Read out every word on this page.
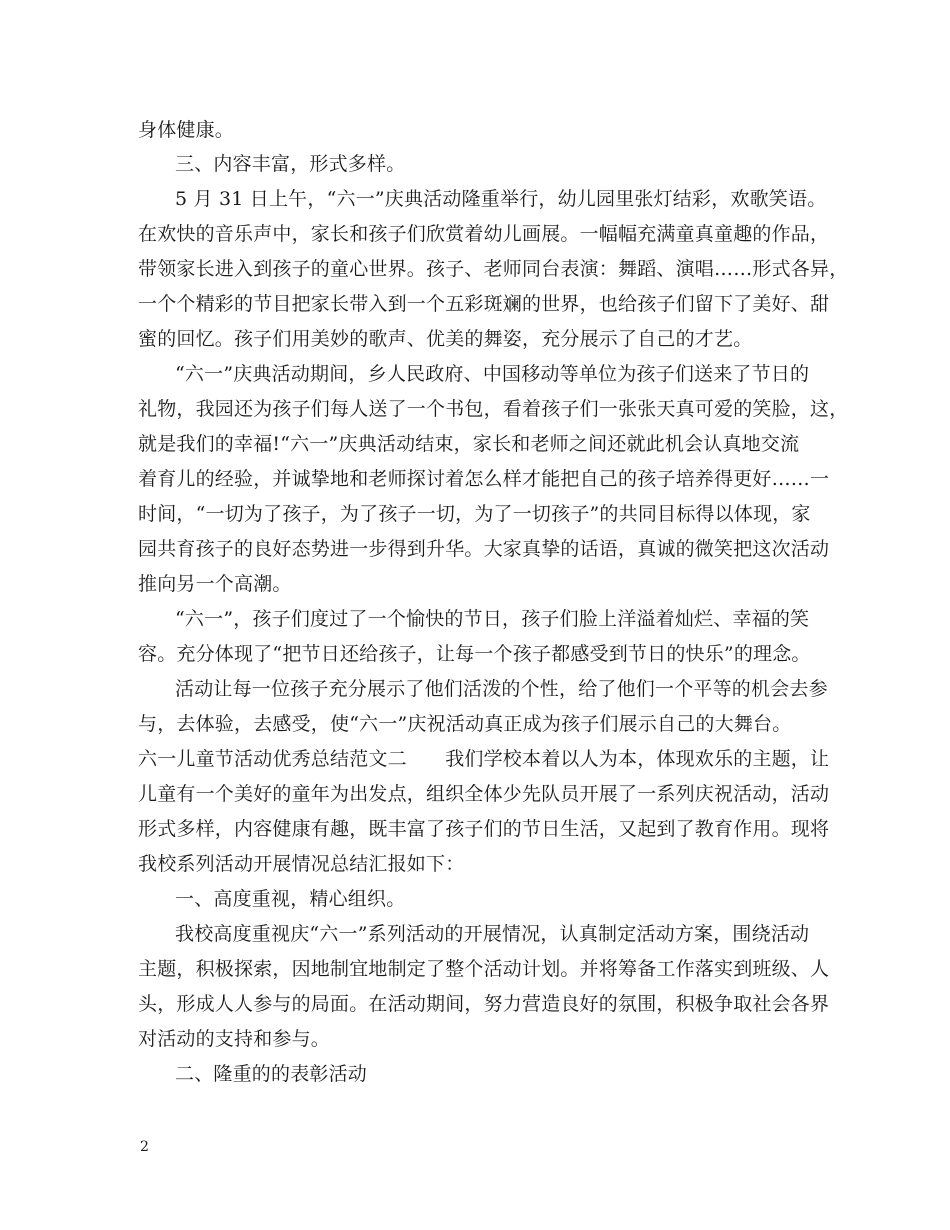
身体健康。
三、内容丰富，形式多样。
5 月 31 日上午，“六一”庆典活动隆重举行，幼儿园里张灯结彩，欢歌笑语。
在欢快的音乐声中，家长和孩子们欣赏着幼儿画展。一幅幅充满童真童趣的作品，
带领家长进入到孩子的童心世界。孩子、老师同台表演：舞蹈、演唱……形式各异，
一个个精彩的节目把家长带入到一个五彩斑斓的世界，也给孩子们留下了美好、甜
蜜的回忆。孩子们用美妙的歌声、优美的舞姿，充分展示了自己的才艺。
“六一”庆典活动期间，乡人民政府、中国移动等单位为孩子们送来了节日的
礼物，我园还为孩子们每人送了一个书包，看着孩子们一张张天真可爱的笑脸，这，
就是我们的幸福!“六一”庆典活动结束，家长和老师之间还就此机会认真地交流
着育儿的经验，并诚挚地和老师探讨着怎么样才能把自己的孩子培养得更好……一
时间，“一切为了孩子，为了孩子一切，为了一切孩子”的共同目标得以体现，家
园共育孩子的良好态势进一步得到升华。大家真挚的话语，真诚的微笑把这次活动
推向另一个高潮。
“六一”，孩子们度过了一个愉快的节日，孩子们脸上洋溢着灿烂、幸福的笑
容。充分体现了“把节日还给孩子，让每一个孩子都感受到节日的快乐”的理念。
活动让每一位孩子充分展示了他们活泼的个性，给了他们一个平等的机会去参
与，去体验，去感受，使“六一”庆祝活动真正成为孩子们展示自己的大舞台。
六一儿童节活动优秀总结范文二　　我们学校本着以人为本，体现欢乐的主题，让
儿童有一个美好的童年为出发点，组织全体少先队员开展了一系列庆祝活动，活动
形式多样，内容健康有趣，既丰富了孩子们的节日生活，又起到了教育作用。现将
我校系列活动开展情况总结汇报如下：
一、高度重视，精心组织。
我校高度重视庆“六一”系列活动的开展情况，认真制定活动方案，围绕活动
主题，积极探索，因地制宜地制定了整个活动计划。并将筹备工作落实到班级、人
头，形成人人参与的局面。在活动期间，努力营造良好的氛围，积极争取社会各界
对活动的支持和参与。
二、隆重的的表彰活动
2
